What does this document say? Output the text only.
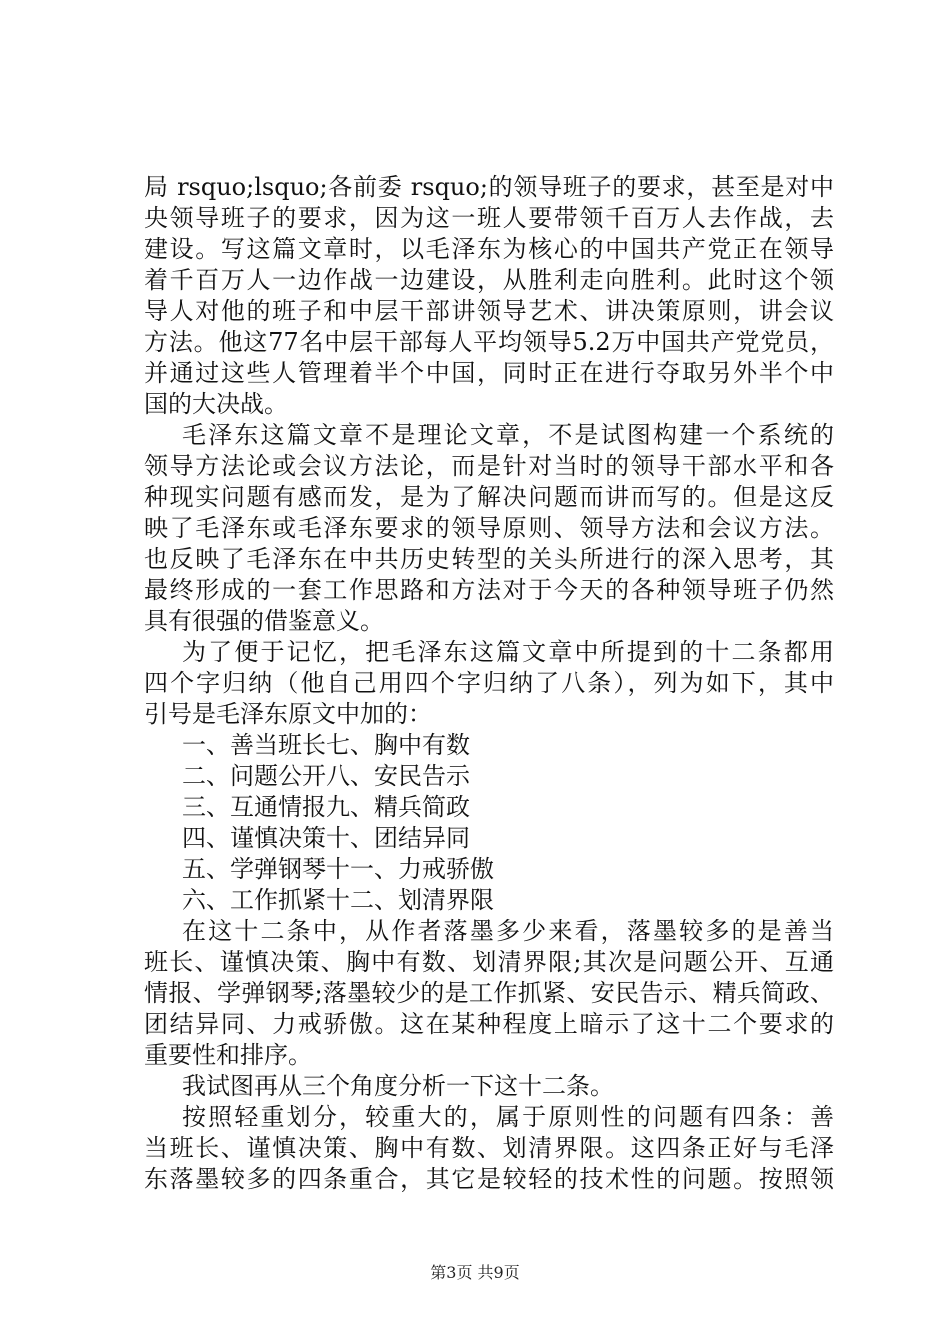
局 rsquo;lsquo;各前委 rsquo;的领导班子的要求，甚至是对中
央领导班子的要求，因为这一班人要带领千百万人去作战，去
建设。写这篇文章时，以毛泽东为核心的中国共产党正在领导
着千百万人一边作战一边建设，从胜利走向胜利。此时这个领
导人对他的班子和中层干部讲领导艺术、讲决策原则，讲会议
方法。他这77名中层干部每人平均领导5.2万中国共产党党员，
并通过这些人管理着半个中国，同时正在进行夺取另外半个中
国的大决战。
毛泽东这篇文章不是理论文章，不是试图构建一个系统的
领导方法论或会议方法论，而是针对当时的领导干部水平和各
种现实问题有感而发，是为了解决问题而讲而写的。但是这反
映了毛泽东或毛泽东要求的领导原则、领导方法和会议方法。
也反映了毛泽东在中共历史转型的关头所进行的深入思考，其
最终形成的一套工作思路和方法对于今天的各种领导班子仍然
具有很强的借鉴意义。
为了便于记忆，把毛泽东这篇文章中所提到的十二条都用
四个字归纳（他自己用四个字归纳了八条），列为如下，其中
引号是毛泽东原文中加的：
一、善当班长七、胸中有数
二、问题公开八、安民告示
三、互通情报九、精兵简政
四、谨慎决策十、团结异同
五、学弹钢琴十一、力戒骄傲
六、工作抓紧十二、划清界限
在这十二条中，从作者落墨多少来看，落墨较多的是善当
班长、谨慎决策、胸中有数、划清界限;其次是问题公开、互通
情报、学弹钢琴;落墨较少的是工作抓紧、安民告示、精兵简政、
团结异同、力戒骄傲。这在某种程度上暗示了这十二个要求的
重要性和排序。
我试图再从三个角度分析一下这十二条。
按照轻重划分，较重大的，属于原则性的问题有四条：善
当班长、谨慎决策、胸中有数、划清界限。这四条正好与毛泽
东落墨较多的四条重合，其它是较轻的技术性的问题。按照领
第3页 共9页
